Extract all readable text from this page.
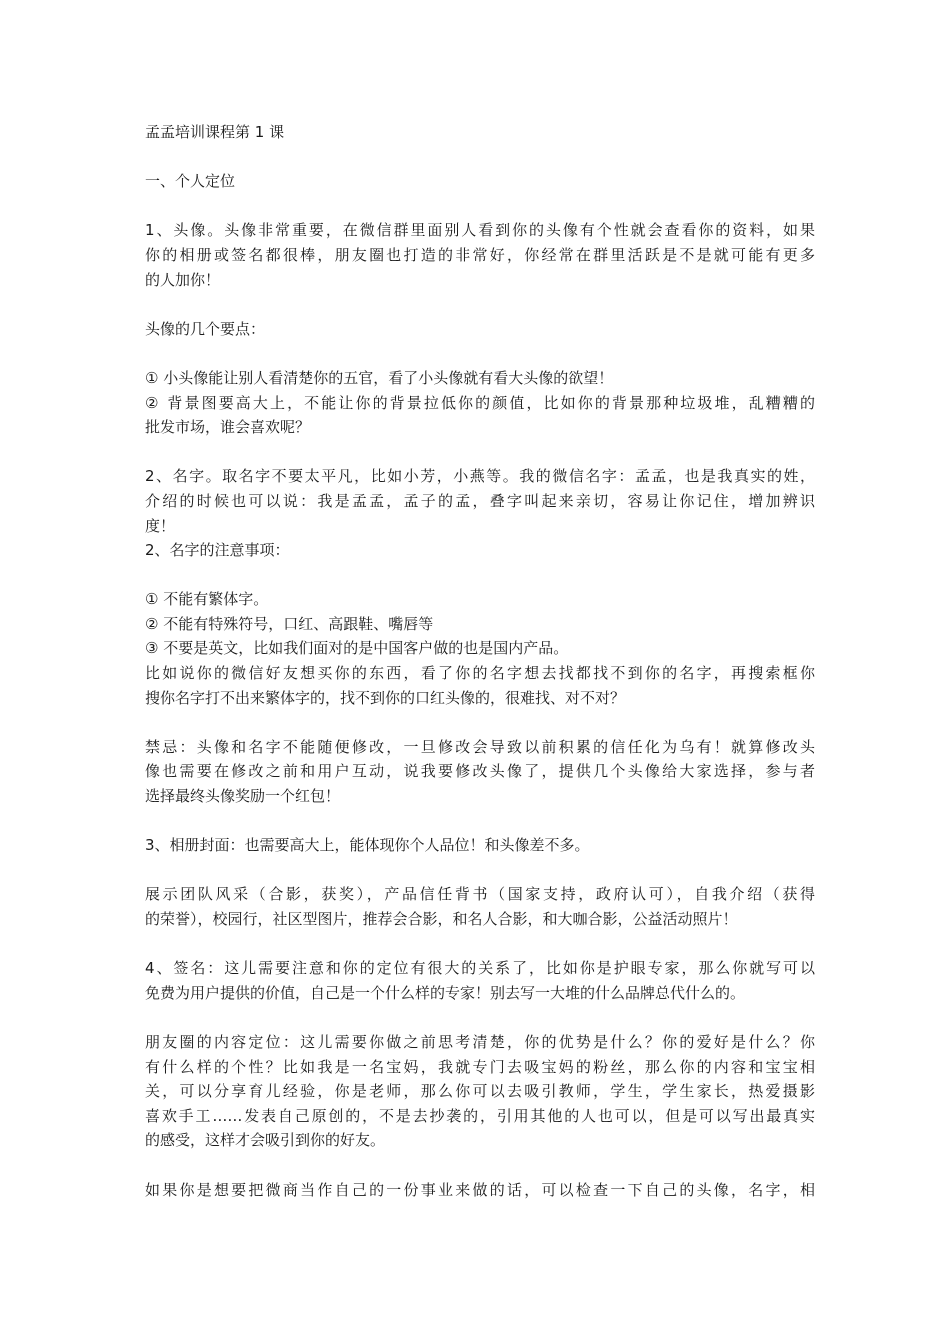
孟孟培训课程第 1 课
一、个人定位
1、头像。头像非常重要，在微信群里面别人看到你的头像有个性就会查看你的资料，如果
你的相册或签名都很棒，朋友圈也打造的非常好，你经常在群里活跃是不是就可能有更多
的人加你！
头像的几个要点：
① 小头像能让别人看清楚你的五官，看了小头像就有看大头像的欲望！
② 背景图要高大上，不能让你的背景拉低你的颜值，比如你的背景那种垃圾堆，乱糟糟的
批发市场，谁会喜欢呢？
2、名字。取名字不要太平凡，比如小芳，小燕等。我的微信名字：孟孟，也是我真实的姓，
介绍的时候也可以说：我是孟孟，孟子的孟，叠字叫起来亲切，容易让你记住，增加辨识
度！
2、名字的注意事项：
① 不能有繁体字。
② 不能有特殊符号，口红、高跟鞋、嘴唇等
③ 不要是英文，比如我们面对的是中国客户做的也是国内产品。
比如说你的微信好友想买你的东西，看了你的名字想去找都找不到你的名字，再搜索框你
搜你名字打不出来繁体字的，找不到你的口红头像的，很难找、对不对？
禁忌：头像和名字不能随便修改，一旦修改会导致以前积累的信任化为乌有！就算修改头
像也需要在修改之前和用户互动，说我要修改头像了，提供几个头像给大家选择，参与者
选择最终头像奖励一个红包！
3、相册封面：也需要高大上，能体现你个人品位！和头像差不多。
展示团队风采（合影，获奖），产品信任背书（国家支持，政府认可），自我介绍（获得
的荣誉），校园行，社区型图片，推荐会合影，和名人合影，和大咖合影，公益活动照片！
4、签名：这儿需要注意和你的定位有很大的关系了，比如你是护眼专家，那么你就写可以
免费为用户提供的价值，自己是一个什么样的专家！别去写一大堆的什么品牌总代什么的。
朋友圈的内容定位：这儿需要你做之前思考清楚，你的优势是什么？你的爱好是什么？你
有什么样的个性？比如我是一名宝妈，我就专门去吸宝妈的粉丝，那么你的内容和宝宝相
关，可以分享育儿经验，你是老师，那么你可以去吸引教师，学生，学生家长，热爱摄影
喜欢手工……发表自己原创的，不是去抄袭的，引用其他的人也可以，但是可以写出最真实
的感受，这样才会吸引到你的好友。
如果你是想要把微商当作自己的一份事业来做的话，可以检查一下自己的头像，名字，相
